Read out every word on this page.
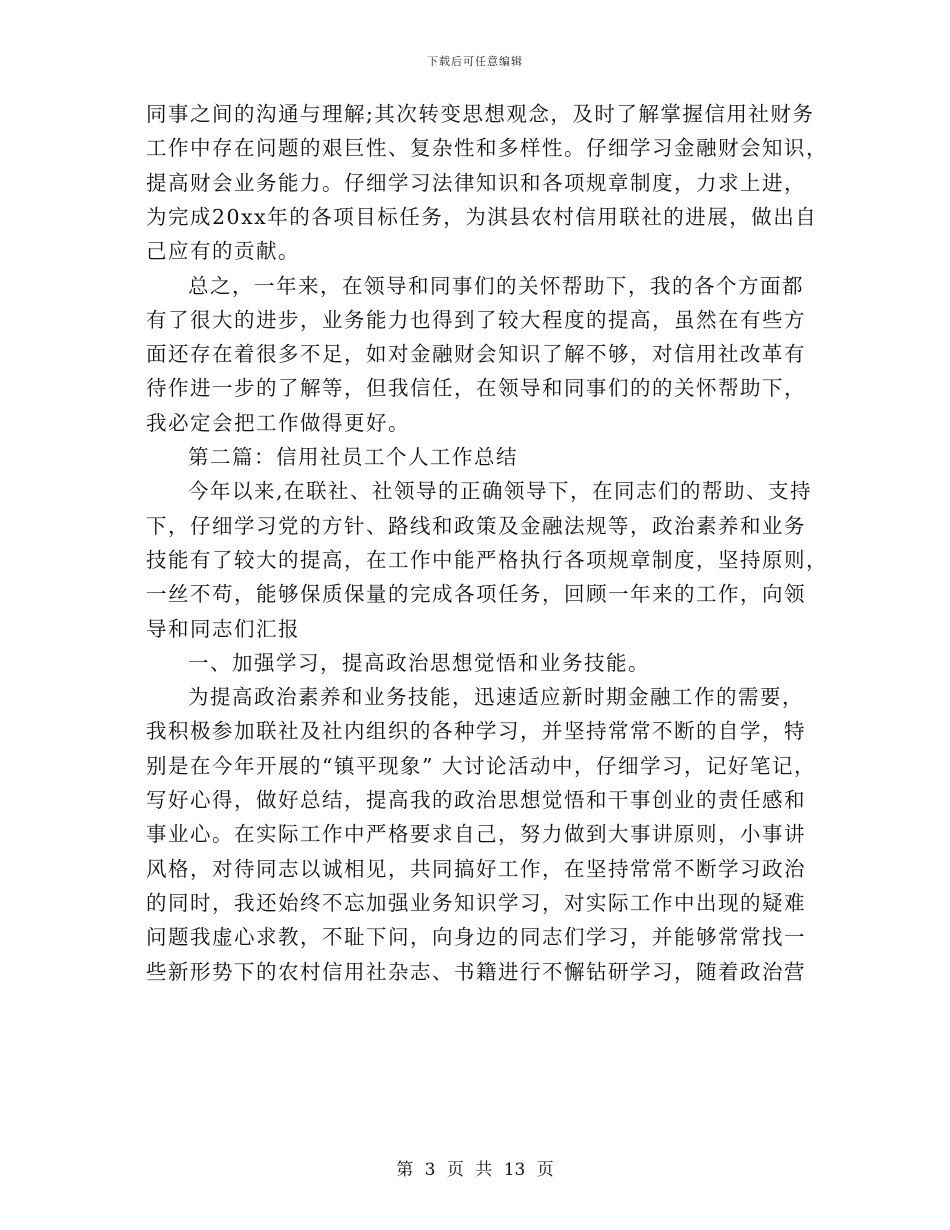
下载后可任意编辑
同事之间的沟通与理解;其次转变思想观念，及时了解掌握信用社财务
工作中存在问题的艰巨性、复杂性和多样性。仔细学习金融财会知识，
提高财会业务能力。仔细学习法律知识和各项规章制度，力求上进，
为完成20xx年的各项目标任务，为淇县农村信用联社的进展，做出自
己应有的贡献。
总之，一年来，在领导和同事们的关怀帮助下，我的各个方面都
有了很大的进步，业务能力也得到了较大程度的提高，虽然在有些方
面还存在着很多不足，如对金融财会知识了解不够，对信用社改革有
待作进一步的了解等，但我信任，在领导和同事们的的关怀帮助下，
我必定会把工作做得更好。
第二篇：信用社员工个人工作总结
今年以来,在联社、社领导的正确领导下，在同志们的帮助、支持
下，仔细学习党的方针、路线和政策及金融法规等，政治素养和业务
技能有了较大的提高，在工作中能严格执行各项规章制度，坚持原则，
一丝不苟，能够保质保量的完成各项任务，回顾一年来的工作，向领
导和同志们汇报
一、加强学习，提高政治思想觉悟和业务技能。
为提高政治素养和业务技能，迅速适应新时期金融工作的需要，
我积极参加联社及社内组织的各种学习，并坚持常常不断的自学，特
别是在今年开展的“镇平现象” 大讨论活动中，仔细学习，记好笔记，
写好心得，做好总结，提高我的政治思想觉悟和干事创业的责任感和
事业心。在实际工作中严格要求自己，努力做到大事讲原则，小事讲
风格，对待同志以诚相见，共同搞好工作，在坚持常常不断学习政治
的同时，我还始终不忘加强业务知识学习，对实际工作中出现的疑难
问题我虚心求教，不耻下问，向身边的同志们学习，并能够常常找一
些新形势下的农村信用社杂志、书籍进行不懈钻研学习，随着政治营
第 3 页 共 13 页
